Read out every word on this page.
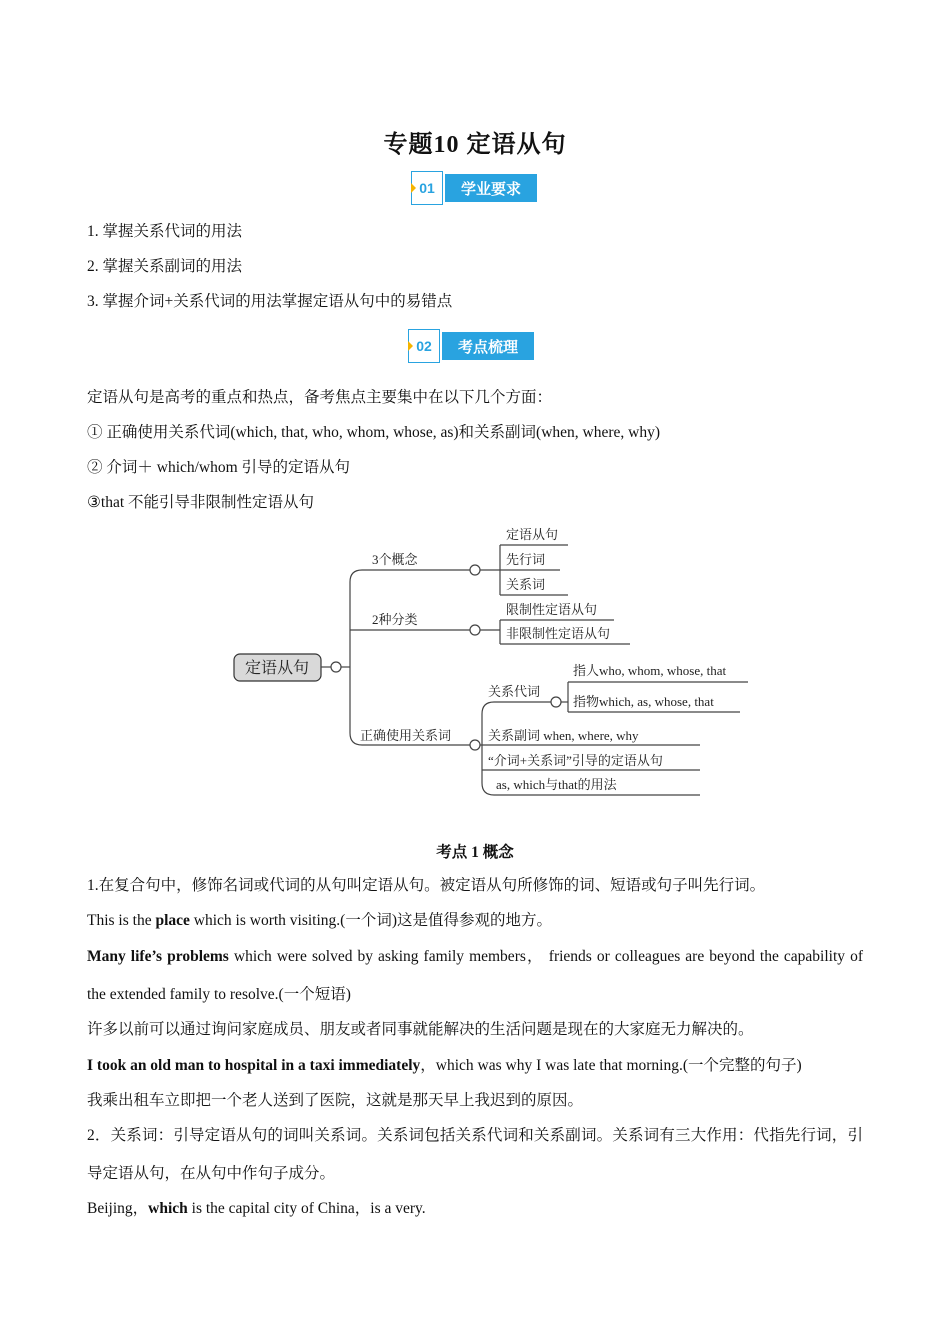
专题10 定语从句
01	学业要求
1. 掌握关系代词的用法
2. 掌握关系副词的用法
3. 掌握介词+关系代词的用法掌握定语从句中的易错点
02	考点梳理
定语从句是高考的重点和热点，备考焦点主要集中在以下几个方面：
① 正确使用关系代词(which, that, who, whom, whose, as)和关系副词(when, where, why)
② 介词＋ which/whom 引导的定语从句
③that 不能引导非限制性定语从句
定语从句
3个概念
2种分类
正确使用关系词
定语从句
先行词
关系词
限制性定语从句
非限制性定语从句
关系代词
指人who, whom, whose, that
指物which, as, whose, that
关系副词 when, where, why
“介词+关系词”引导的定语从句
as, which与that的用法
考点 1 概念
1.在复合句中，修饰名词或代词的从句叫定语从句。被定语从句所修饰的词、短语或句子叫先行词。
This is the place which is worth visiting.(一个词)这是值得参观的地方。
Many life’s problems which were solved by asking family members， friends or colleagues are beyond the capability of the extended family to resolve.(一个短语)
许多以前可以通过询问家庭成员、朋友或者同事就能解决的生活问题是现在的大家庭无力解决的。
I took an old man to hospital in a taxi immediately，which was why I was late that morning.(一个完整的句子)
我乘出租车立即把一个老人送到了医院，这就是那天早上我迟到的原因。
2．关系词：引导定语从句的词叫关系词。关系词包括关系代词和关系副词。关系词有三大作用：代指先行词，引导定语从句，在从句中作句子成分。
Beijing，which is the capital city of China，is a very.
